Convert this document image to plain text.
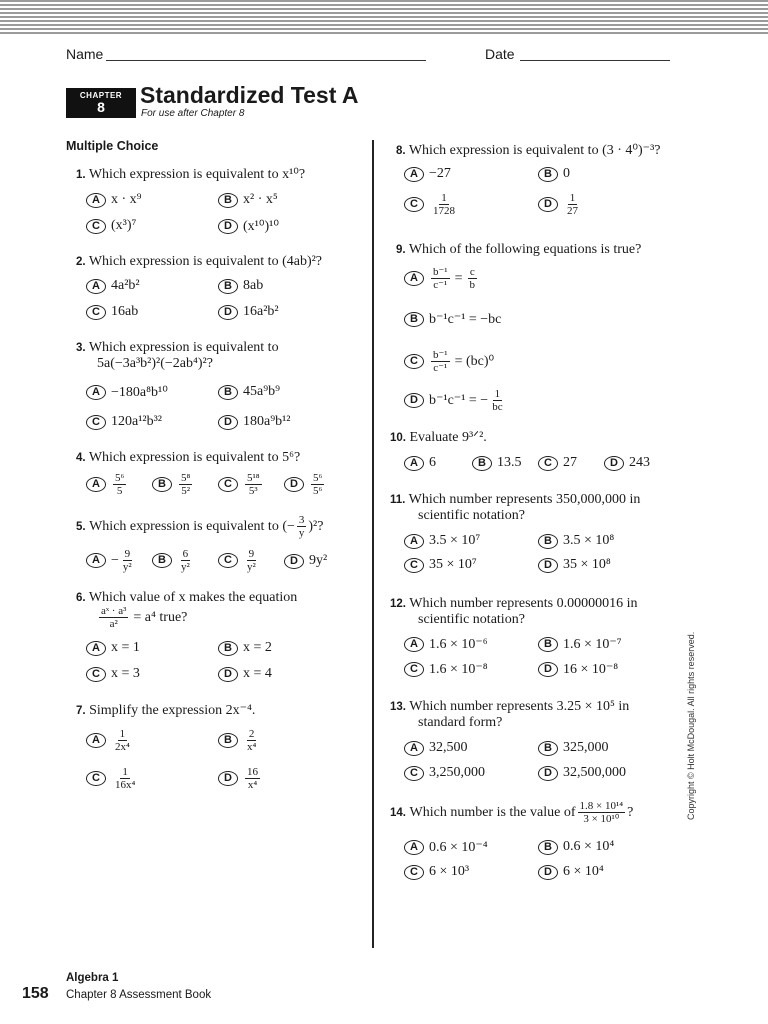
Name	Date
CHAPTER
8	Standardized Test A
For use after Chapter 8
Multiple Choice
1. Which expression is equivalent to x¹⁰?
A x · x⁹	B x² · x⁵
C (x³)⁷	D (x¹⁰)¹⁰
2. Which expression is equivalent to (4ab)²?
A 4a²b²	B 8ab
C 16ab	D 16a²b²
3. Which expression is equivalent to
5a(−3a³b²)²(−2ab⁴)²?
A −180a⁸b¹⁰	B 45a⁹b⁹
C 120a¹²b³²	D 180a⁹b¹²
4. Which expression is equivalent to 5⁶?
A	$\frac{\text{5⁶}}{5}$	B	$\frac{\text{5⁸}}{\text{5²}}$	C	$\frac{\text{5¹⁸}}{\text{5³}}$	D	$\frac{\text{5⁶}}{\text{5⁶}}$
5.
Which expression is equivalent to
(− $\frac{3}{y} )^2$?
$A - \frac{9}{\text{y²}}$	B	$\frac{6}{\text{y²}}$	C	$\frac{9}{\text{y²}}$	D 9y²
6. Which value of x makes the equation
$\frac{\text{aˣ · a³}}{\text{a²}} = a^4$ true?
A x = 1	B x = 2
C x = 3	D x = 4
7. Simplify the expression 2x⁻⁴.
A	$\frac{1}{\text{2x⁴}}$	B	$\frac{2}{\text{x⁴}}$
C	$\frac{1}{\text{16x⁴}}$	D	$\frac{16}{\text{x⁴}}$
8. Which expression is equivalent to (3 · 4⁰)⁻³?
A −27	B 0
C	$\frac{1}{1728}$	D	$\frac{1}{27}$
9. Which of the following equations is true?
A	$\frac{\text{b⁻¹}}{\text{c⁻¹}} = \frac{c}{b}$
B b⁻¹c⁻¹ = −bc
C	$\frac{\text{b⁻¹}}{\text{c⁻¹}} = (bc)^0$
D b⁻¹c⁻¹ = − $\frac{1}{bc}$
10. Evaluate 9³ᐟ².
A 6	B 13.5	C 27	D 243
11. Which number represents 350,000,000 in
scientific notation?
A 3.5 × 10⁷	B 3.5 × 10⁸
C 35 × 10⁷	D 35 × 10⁸
12. Which number represents 0.00000016 in
scientific notation?
A 1.6 × 10⁻⁶	B 1.6 × 10⁻⁷
C 1.6 × 10⁻⁸	D 16 × 10⁻⁸
13. Which number represents 3.25 × 10⁵ in
standard form?
A 32,500	B 325,000
C 3,250,000	D 32,500,000
14.
Which number is the value of $\frac{\text{1.8 × 10¹⁴}}{\text{3 × 10¹⁰}}$ ?
A 0.6 × 10⁻⁴	B 0.6 × 10⁴
C 6 × 10³	D 6 × 10⁴
Copyright © Holt McDougal. All rights reserved.
158
Algebra 1
Chapter 8 Assessment Book
